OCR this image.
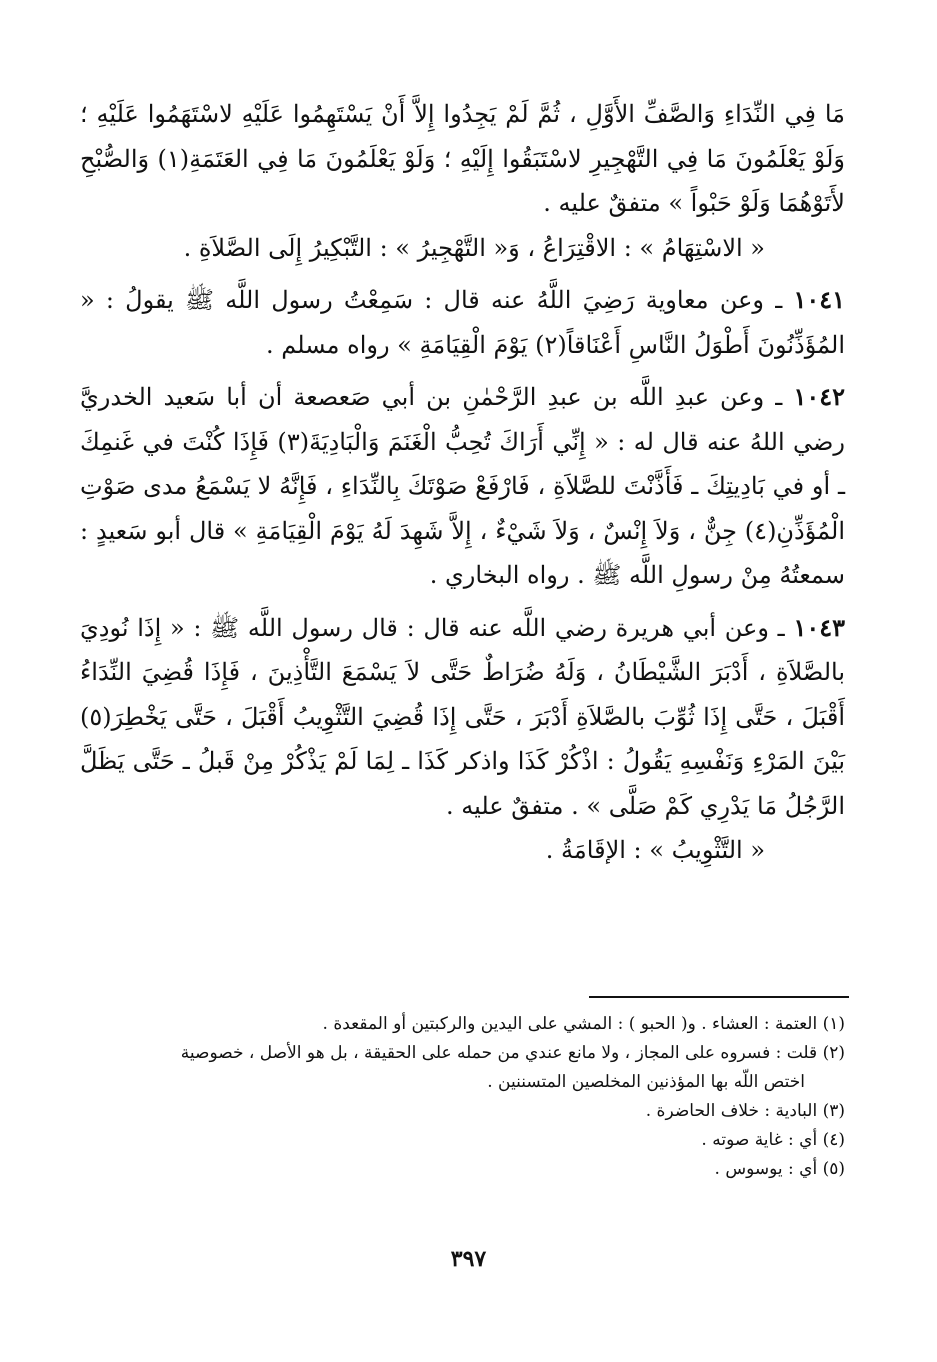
مَا فِي النِّدَاءِ وَالصَّفِّ الأَوَّلِ ، ثُمَّ لَمْ يَجِدُوا إِلاَّ أَنْ يَسْتَهِمُوا عَلَيْهِ لاسْتَهَمُوا عَلَيْهِ ؛ وَلَوْ يَعْلَمُونَ مَا فِي التَّهْجِيرِ لاسْتَبَقُوا إِلَيْهِ ؛ وَلَوْ يَعْلَمُونَ مَا فِي العَتَمَةِ(١) وَالصُّبْحِ لأَتَوْهُمَا وَلَوْ حَبْواً » متفقٌ عليه .

« الاسْتِهَامُ » : الاقْتِرَاعُ ، وَ« التَّهْجِيرُ » : التَّبْكِيرُ إِلَى الصَّلاَةِ .

١٠٤١ ـ وعن معاوية رَضِيَ اللَّهُ عنه قال : سَمِعْتُ رسول اللَّه ﷺ يقولُ : « المُؤَذِّنُونَ أَطْوَلُ النَّاسِ أَعْنَاقاً(٢) يَوْمَ الْقِيَامَةِ » رواه مسلم .

١٠٤٢ ـ وعن عبدِ اللَّه بن عبدِ الرَّحْمٰنِ بن أبي صَعصعة أن أبا سَعيد الخدريَّ رضي اللهُ عنه قال له : « إِنِّي أَرَاكَ تُحِبُّ الْغَنَمَ وَالْبَادِيَةَ(٣) فَإِذَا كُنْتَ في غَنمِكَ ـ أو في بَادِيتِكَ ـ فَأَذَّنْتَ للصَّلاَةِ ، فَارْفَعْ صَوْتَكَ بِالنِّدَاءِ ، فَإِنَّهُ لا يَسْمَعُ مدى صَوْتِ الْمُؤَذِّنِ(٤) جِنٌّ ، وَلاَ إِنْسٌ ، وَلاَ شَيْءٌ ، إِلاَّ شَهِدَ لَهُ يَوْمَ الْقِيَامَةِ » قال أبو سَعيدٍ : سمعتُهُ مِنْ رسولِ اللَّه ﷺ . رواه البخاري .

١٠٤٣ ـ وعن أبي هريرة رضي اللَّه عنه قال : قال رسول اللَّه ﷺ : « إِذَا نُودِيَ بالصَّلاَةِ ، أَدْبَرَ الشَّيْطَانُ ، وَلَهُ ضُرَاطٌ حَتَّى لاَ يَسْمَعَ التَّأْذِينَ ، فَإِذَا قُضِيَ النِّدَاءُ أَقْبَلَ ، حَتَّى إِذَا ثُوِّبَ بالصَّلاَةِ أَدْبَرَ ، حَتَّى إِذَا قُضِيَ التَّثْوِيبُ أَقْبَلَ ، حَتَّى يَخْطِرَ(٥) بَيْنَ المَرْءِ وَنَفْسِهِ يَقُولُ : اذْكُرْ كَذَا واذكر كَذَا ـ لِمَا لَمْ يَذْكُرْ مِنْ قَبلُ ـ حَتَّى يَظَلَّ الرَّجُلُ مَا يَدْرِي كَمْ صَلَّى » . متفقٌ عليه .

« التَّثْوِيبُ » : الإقَامَةُ .

(١) العتمة : العشاء . و( الحبو ) : المشي على اليدين والركبتين أو المقعدة .

(٢) قلت : فسروه على المجاز ، ولا مانع عندي من حمله على الحقيقة ، بل هو الأصل ، خصوصية

اختص اللّه بها المؤذنين المخلصين المتسننين .

(٣) البادية : خلاف الحاضرة .

(٤) أي : غاية صوته .

(٥) أي : يوسوس .

٣٩٧
